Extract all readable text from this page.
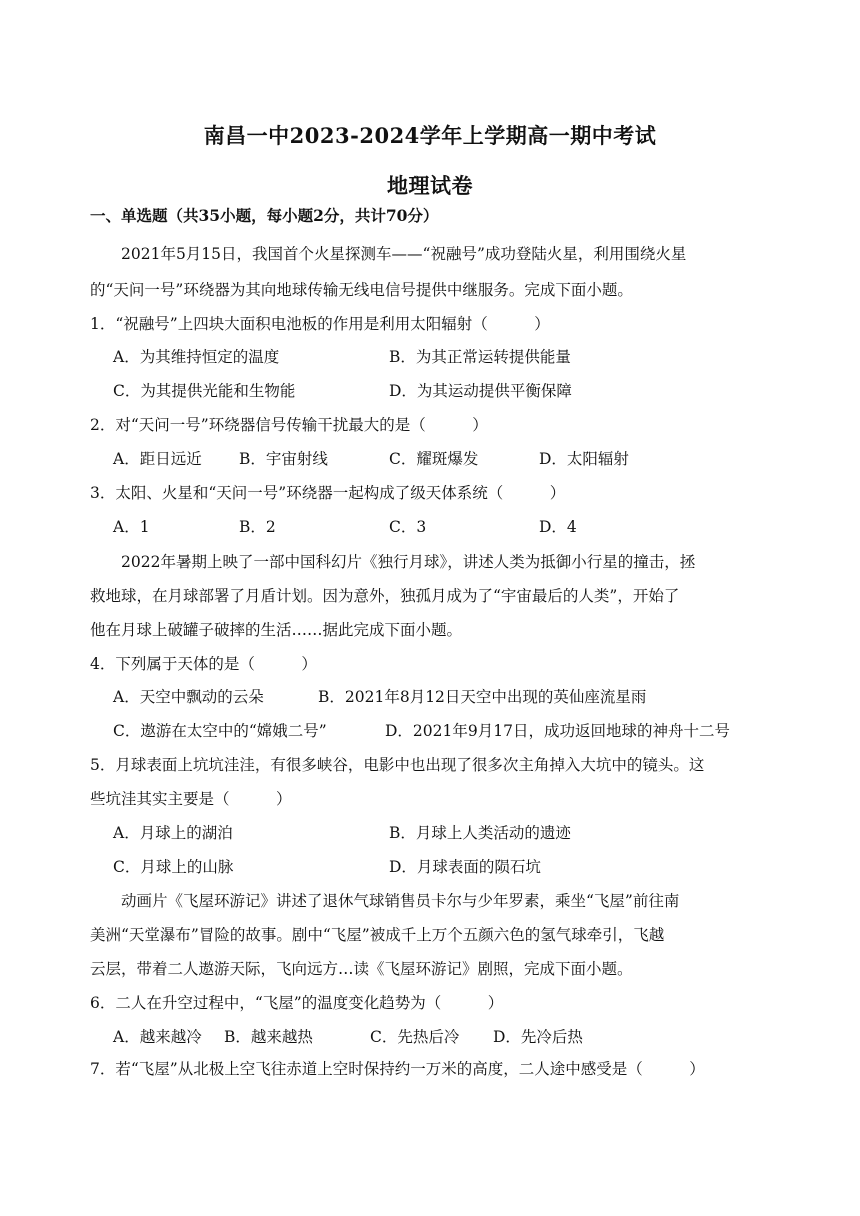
南昌一中2023-2024学年上学期高一期中考试
地理试卷
一、单选题（共35小题，每小题2分，共计70分）
2021年5月15日，我国首个火星探测车——“祝融号”成功登陆火星，利用围绕火星
的“天问一号”环绕器为其向地球传输无线电信号提供中继服务。完成下面小题。
1．“祝融号”上四块大面积电池板的作用是利用太阳辐射（　　　）
A．为其维持恒定的温度	B．为其正常运转提供能量
C．为其提供光能和生物能	D．为其运动提供平衡保障
2．对“天问一号”环绕器信号传输干扰最大的是（　　　）
A．距日远近 B．宇宙射线	C．耀斑爆发	D．太阳辐射
3．太阳、火星和“天问一号”环绕器一起构成了级天体系统（　　　）
A．1	B．2	C．3	D．4
2022年暑期上映了一部中国科幻片《独行月球》，讲述人类为抵御小行星的撞击，拯
救地球，在月球部署了月盾计划。因为意外，独孤月成为了“宇宙最后的人类”，开始了
他在月球上破罐子破摔的生活……据此完成下面小题。
4．下列属于天体的是（　　　）
A．天空中飘动的云朵	B．2021年8月12日天空中出现的英仙座流星雨
C．遨游在太空中的“嫦娥二号”	D．2021年9月17日，成功返回地球的神舟十二号
5．月球表面上坑坑洼洼，有很多峡谷，电影中也出现了很多次主角掉入大坑中的镜头。这
些坑洼其实主要是（　　　）
A．月球上的湖泊	B．月球上人类活动的遗迹
C．月球上的山脉	D．月球表面的陨石坑
动画片《飞屋环游记》讲述了退休气球销售员卡尔与少年罗素，乘坐“飞屋”前往南
美洲“天堂瀑布”冒险的故事。剧中“飞屋”被成千上万个五颜六色的氢气球牵引，飞越
云层，带着二人遨游天际，飞向远方…读《飞屋环游记》剧照，完成下面小题。
6．二人在升空过程中，“飞屋”的温度变化趋势为（　　　）
A．越来越冷 B．越来越热	C．先热后冷 D．先冷后热
7．若“飞屋”从北极上空飞往赤道上空时保持约一万米的高度，二人途中感受是（　　　）
